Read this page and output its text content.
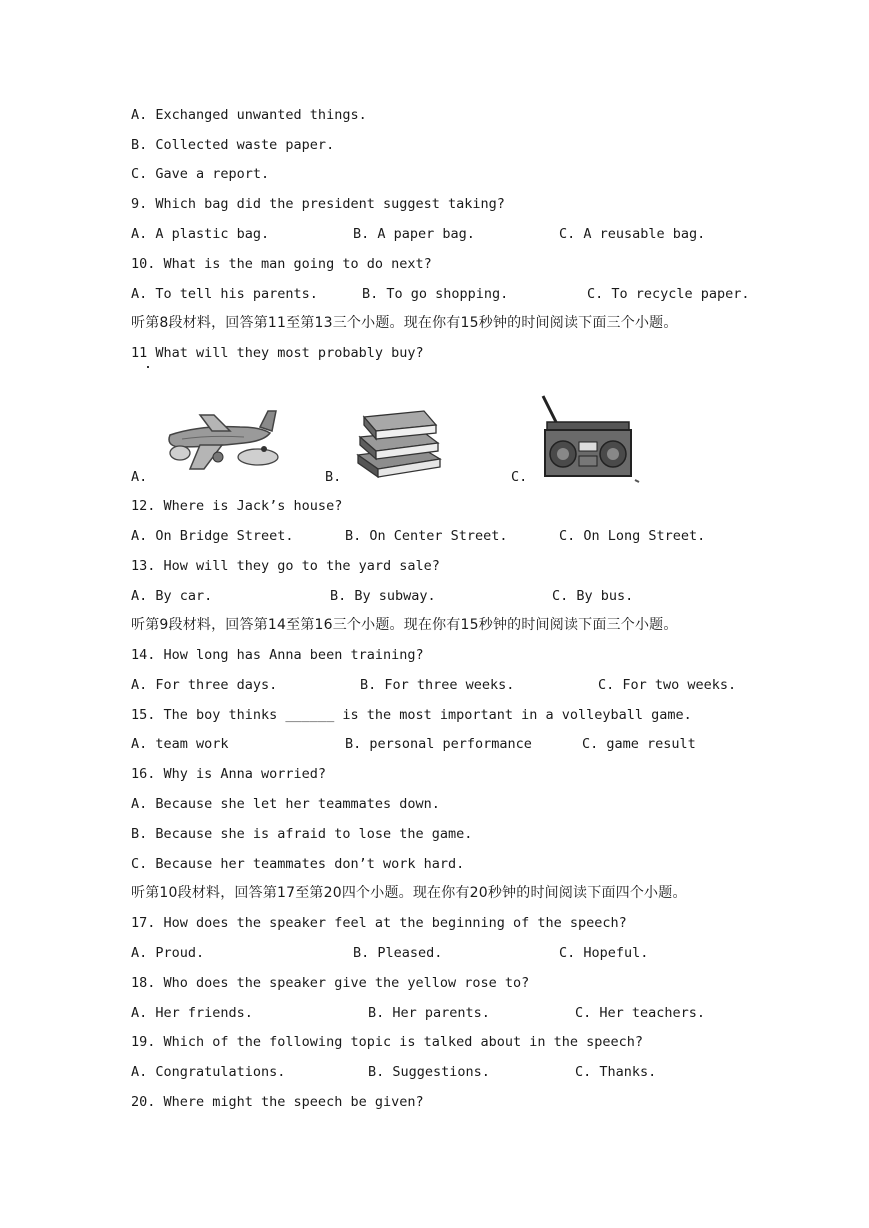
A. Exchanged unwanted things.
B. Collected waste paper.
C. Gave a report.
9. Which bag did the president suggest taking?
A. A plastic bag.	B. A paper bag.	C. A reusable bag.
10. What is the man going to do next?
A. To tell his parents.	B. To go shopping.	C. To recycle paper.
听第8段材料，回答第11至第13三个小题。现在你有15秒钟的时间阅读下面三个小题。
11 What will they most probably buy?
A.	B.	C.
12. Where is Jack’s house?
A. On Bridge Street.	B. On Center Street.	C. On Long Street.
13. How will they go to the yard sale?
A. By car.	B. By subway.	C. By bus.
听第9段材料，回答第14至第16三个小题。现在你有15秒钟的时间阅读下面三个小题。
14. How long has Anna been training?
A. For three days.	B. For three weeks.	C. For two weeks.
15. The boy thinks ______ is the most important in a volleyball game.
A. team work	B. personal performance	C. game result
16. Why is Anna worried?
A. Because she let her teammates down.
B. Because she is afraid to lose the game.
C. Because her teammates don’t work hard.
听第10段材料，回答第17至第20四个小题。现在你有20秒钟的时间阅读下面四个小题。
17. How does the speaker feel at the beginning of the speech?
A. Proud.	B. Pleased.	C. Hopeful.
18. Who does the speaker give the yellow rose to?
A. Her friends.	B. Her parents.	C. Her teachers.
19. Which of the following topic is talked about in the speech?
A. Congratulations.	B. Suggestions.	C. Thanks.
20. Where might the speech be given?
